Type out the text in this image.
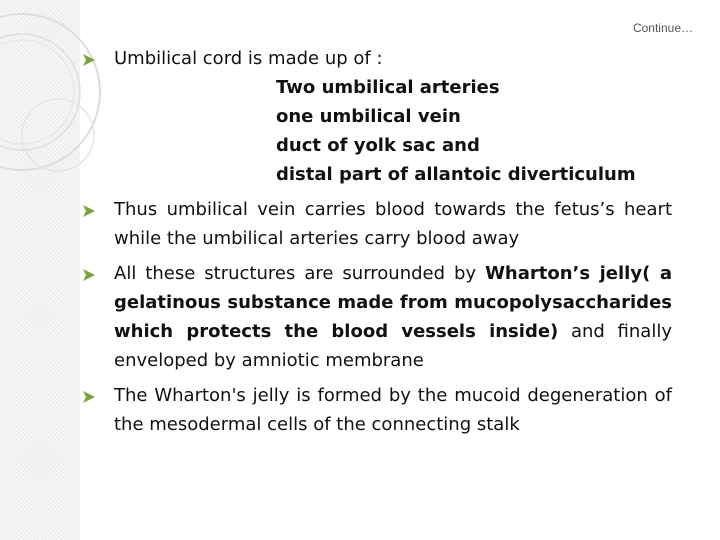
Continue…

Umbilical cord is made up of :

Two umbilical arteries

one umbilical vein

duct of yolk sac and

distal part of allantoic diverticulum

Thus umbilical vein carries blood towards the fetus’s heart while the umbilical arteries carry blood away

All these structures are surrounded by Wharton’s jelly( a gelatinous substance made from mucopolysaccharides which protects the blood vessels inside) and finally enveloped by amniotic membrane

The Wharton's jelly is formed by the mucoid degeneration of the mesodermal cells of the connecting stalk
